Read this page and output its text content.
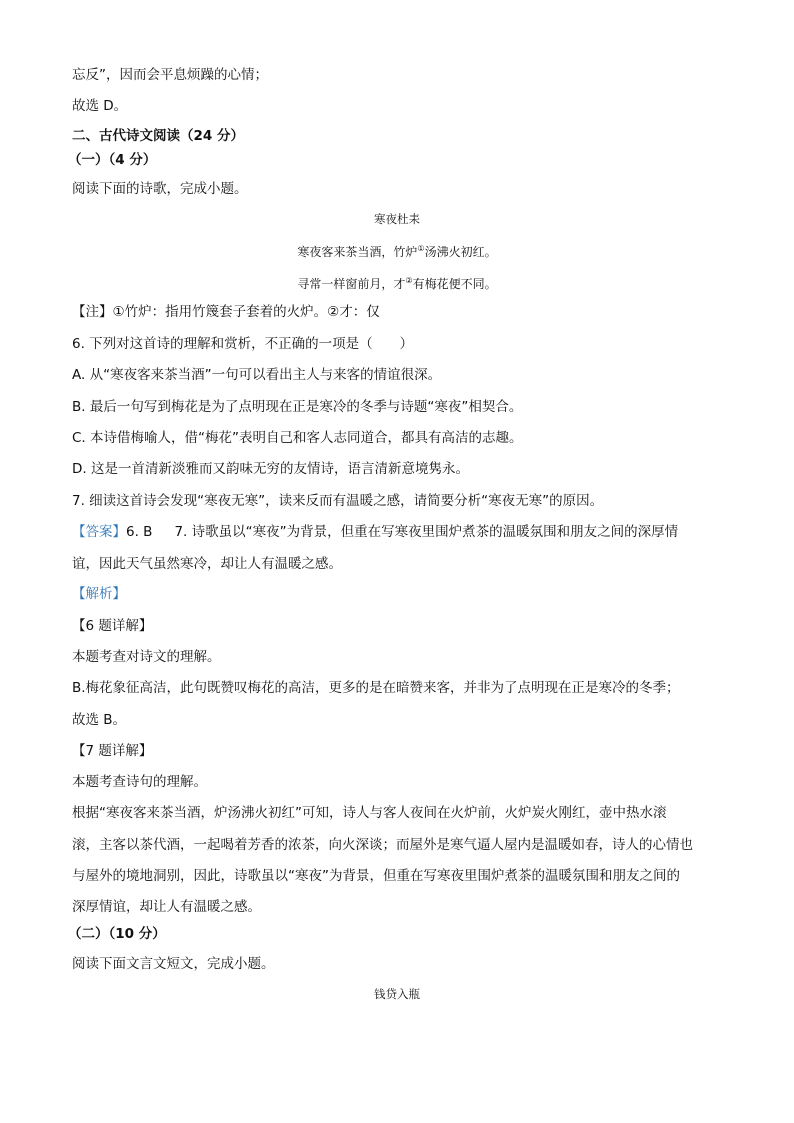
忘反”，因而会平息烦躁的心情；
故选 D。
二、古代诗文阅读（24 分）
（一）（4 分）
阅读下面的诗歌，完成小题。
寒夜杜耒
寒夜客来茶当酒，竹炉①汤沸火初红。
寻常一样窗前月，才②有梅花便不同。
【注】①竹炉：指用竹篾套子套着的火炉。②才：仅
6. 下列对这首诗的理解和赏析，不正确的一项是（　　）
A. 从“寒夜客来茶当酒”一句可以看出主人与来客的情谊很深。
B. 最后一句写到梅花是为了点明现在正是寒冷的冬季与诗题“寒夜”相契合。
C. 本诗借梅喻人，借“梅花”表明自己和客人志同道合，都具有高洁的志趣。
D. 这是一首清新淡雅而又韵味无穷的友情诗，语言清新意境隽永。
7. 细读这首诗会发现“寒夜无寒”，读来反而有温暖之感，请简要分析“寒夜无寒”的原因。
【答案】6. B 7. 诗歌虽以“寒夜”为背景，但重在写寒夜里围炉煮茶的温暖氛围和朋友之间的深厚情
谊，因此天气虽然寒冷，却让人有温暖之感。
【解析】
【6 题详解】
本题考查对诗文的理解。
B.梅花象征高洁，此句既赞叹梅花的高洁，更多的是在暗赞来客，并非为了点明现在正是寒冷的冬季；
故选 B。
【7 题详解】
本题考查诗句的理解。
根据“寒夜客来茶当酒，炉汤沸火初红”可知，诗人与客人夜间在火炉前，火炉炭火刚红，壶中热水滚
滚，主客以茶代酒，一起喝着芳香的浓茶，向火深谈；而屋外是寒气逼人屋内是温暖如春，诗人的心情也
与屋外的境地洞别，因此，诗歌虽以“寒夜”为背景，但重在写寒夜里围炉煮茶的温暖氛围和朋友之间的
深厚情谊，却让人有温暖之感。
（二）（10 分）
阅读下面文言文短文，完成小题。
钱贷入瓶
